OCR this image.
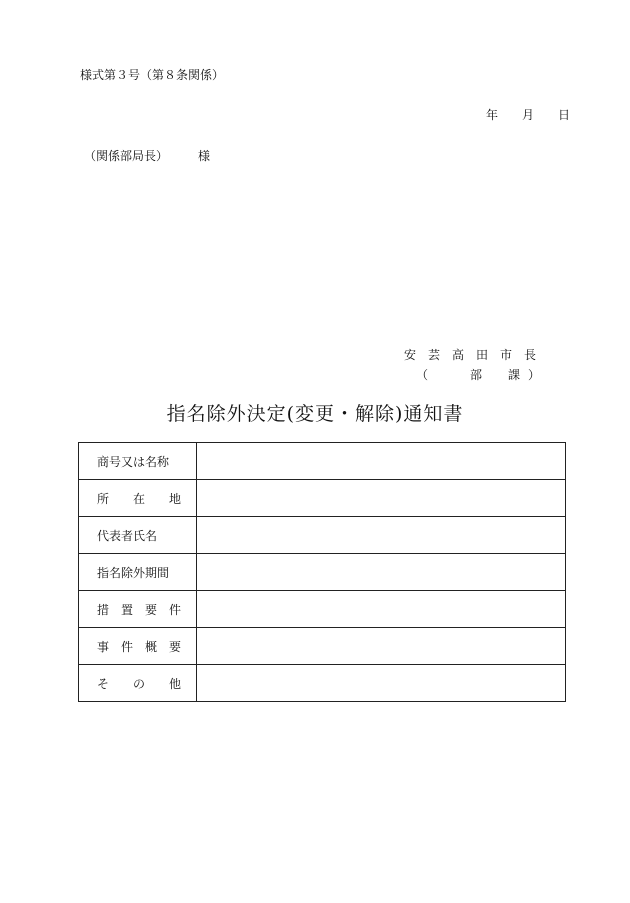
様式第３号（第８条関係）
年 月 日
（関係部局長）	様
安芸高田市長
（	部 課 ）
指名除外決定(変更・解除)通知書
商号又は名称	

所　　在　　地	

代表者氏名	

指名除外期間	

措　置　要　件	

事　件　概　要	

そ　　の　　他	
